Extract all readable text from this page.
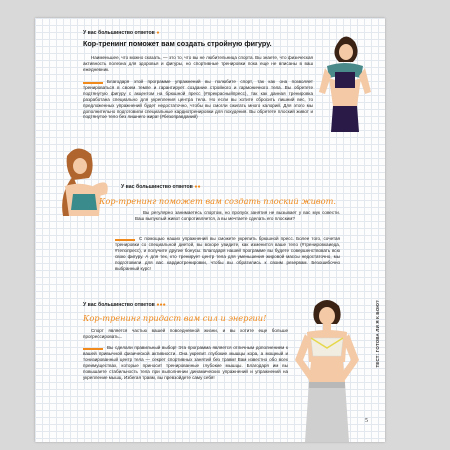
У вас большинство ответов ●
Кор-тренинг поможет вам создать стройную фигуру.

Наименьшее, что можно сказать, — это то, что вы не любительница спорта. Вы знаете, что физическая активность полезна для здоровья и фигуры, но спортивные тренировки пока еще не вписаны в ваш ежедневник.

Благодаря этой программе упражнений вы полюбите спорт, так как она позволяет тренироваться в своем темпе и гарантирует создание стройного и гармоничного тела. Вы обретете подтянутую фигуру с акцентом на брюшной пресс (#прекрасныйпресс), так как данная тренировка разработана специально для укрепления центра тела. Но если вы хотите сбросить лишний вес, то предложенных упражнений будет недостаточно, чтобы вы смогли сжигать много калорий. Для этого мы дополнительно подготовили специальные кардиотренировки для похудения. Вы обретете плоский живот и подтянутое тело без лишнего жира! (#безоправданий)

У вас большинство ответов ●●
Кор-тренинг поможет вам создать плоский живот.

Вы регулярно занимаетесь спортом, но пропуск занятия не вызывает у вас мук совести. Ваш выпуклый живот сопротивляется, а вы мечтаете сделать его плоским?

С помощью наших упражнений вы сможете укрепить брюшной пресс. Более того, сочетая тренировки со специальной диетой, вы вскоре увидите, как изменится ваше тело (#тренировкаиеда, #тепопресс), и получите другие бонусы. Благодаря нашей программе вы будете совершенствовать всю свою фигуру. А для тех, кто тренирует центр тела для уменьшения жировой массы недостаточно, мы подготовили для вас кардиотренировки, чтобы вы обратились к своим резервам. Безошибочно выбранный курс!

У вас большинство ответов ●●●
Кор-тренинг придаст вам сил и энергии!

Спорт является частью вашей повседневной жизни, и вы хотите еще больше прогрессировать...

Вы сделали правильный выбор! Эта программа является отличным дополнением к вашей привычной физической активности. Она укрепит глубокие мышцы кора, а мощный и тонизированный центр тела — секрет спортивных занятий без травм! Вам известно обо всех преимуществах, которые приносит тренированные глубокие мышцы. Благодаря им вы повышаете стабильность тела при выполнении динамических упражнений и упражнений на укрепление мышц. Избегая травм, вы превзойдете саму себя!

ТЕСТ: ГОТОВА ЛИ Я К БОЮ?
5
